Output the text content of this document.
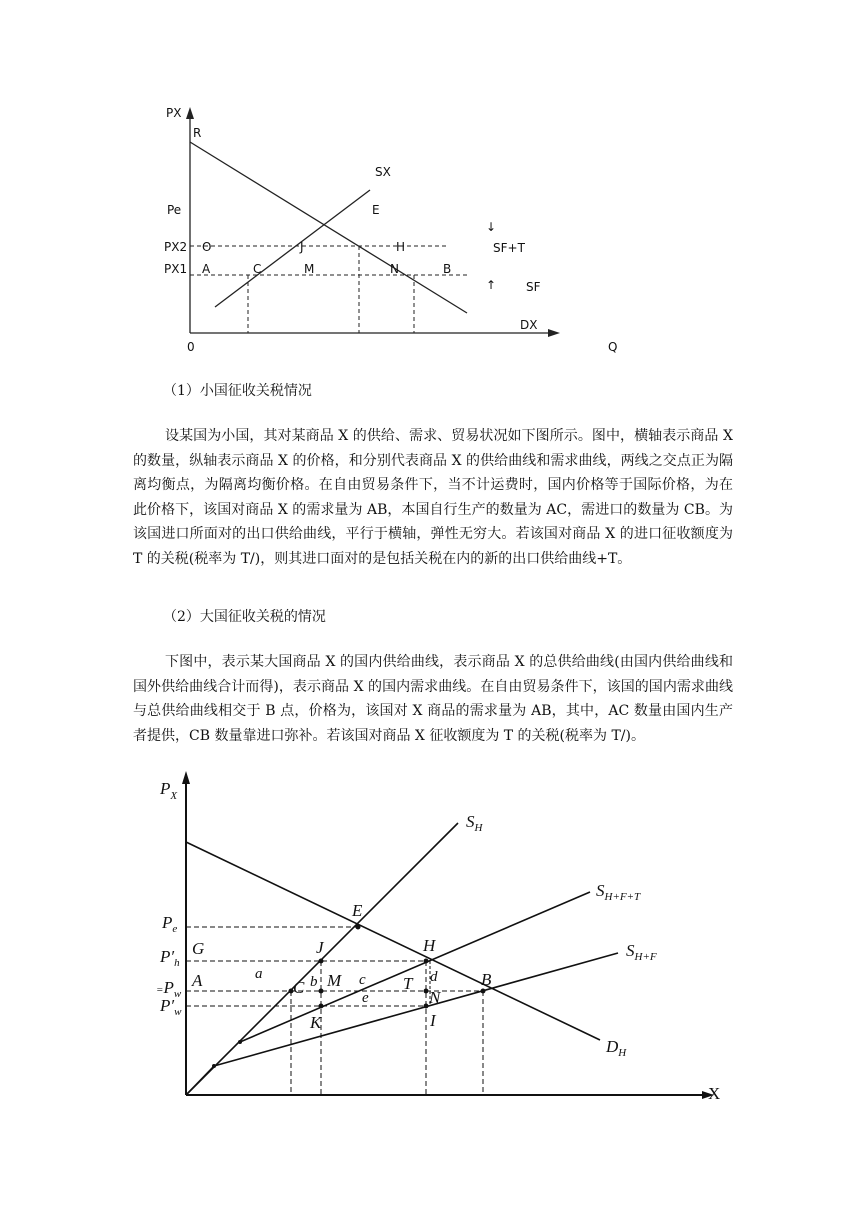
PX
R
SX
Pe	E
PX2 O	J	H
PX1 A	C	M	N	B
↓
SF+T
↑ SF
DX
0	Q
（1）小国征收关税情况
设某国为小国，其对某商品 X 的供给、需求、贸易状况如下图所示。图中，横轴表示商品 X 的数量，纵轴表示商品 X 的价格，和分别代表商品 X 的供给曲线和需求曲线，两线之交点正为隔离均衡点，为隔离均衡价格。在自由贸易条件下，当不计运费时，国内价格等于国际价格，为在此价格下，该国对商品 X 的需求量为 AB，本国自行生产的数量为 AC，需进口的数量为 CB。为该国进口所面对的出口供给曲线，平行于横轴，弹性无穷大。若该国对商品 X 的进口征收额度为 T 的关税(税率为 T/)，则其进口面对的是包括关税在内的新的出口供给曲线+T。
（2）大国征收关税的情况
下图中，表示某大国商品 X 的国内供给曲线，表示商品 X 的总供给曲线(由国内供给曲线和国外供给曲线合计而得)，表示商品 X 的国内需求曲线。在自由贸易条件下，该国的国内需求曲线与总供给曲线相交于 B 点，价格为，该国对 X 商品的需求量为 AB，其中，AC 数量由国内生产者提供，CB 数量靠进口弥补。若该国对商品 X 征收额度为 T 的关税(税率为 T/)。
$P_X$
$S_H$
$S_{H+F+T}$
$S_{H+F}$
$D_H$
$P_e$
$P'_h$
$=P_w$
$P'_w$
G	J	H
E
A	a	b M c T d	B
C
e	N
K	I
X
